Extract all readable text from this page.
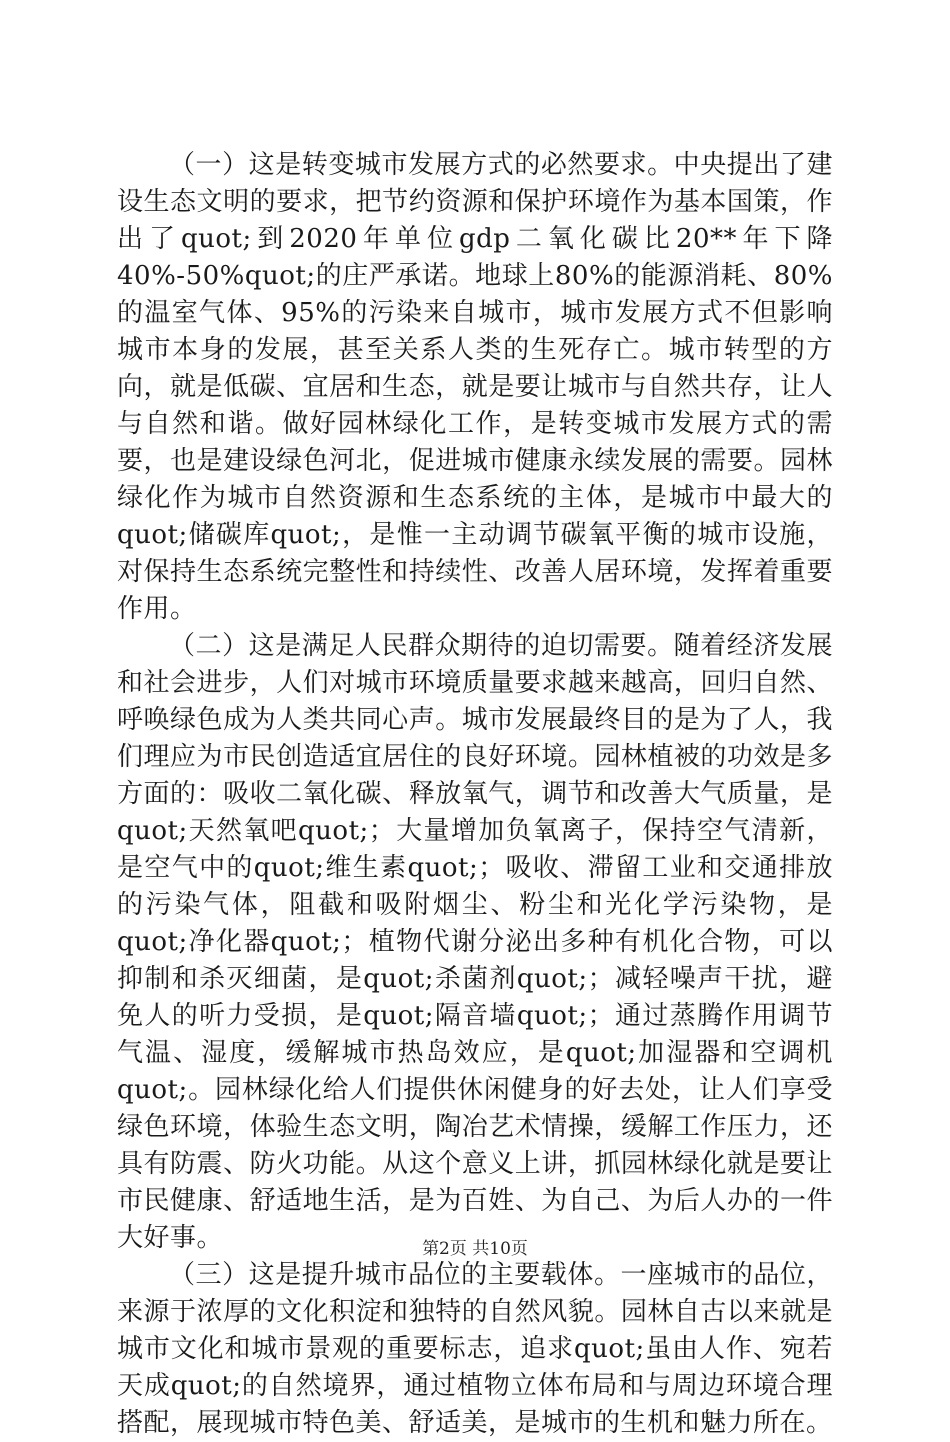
（一）这是转变城市发展方式的必然要求。中央提出了建设生态文明的要求，把节约资源和保护环境作为基本国策，作出了quot;到2020年单位gdp二氧化碳比20**年下降40%-50%quot;的庄严承诺。地球上80%的能源消耗、80%的温室气体、95%的污染来自城市，城市发展方式不但影响城市本身的发展，甚至关系人类的生死存亡。城市转型的方向，就是低碳、宜居和生态，就是要让城市与自然共存，让人与自然和谐。做好园林绿化工作，是转变城市发展方式的需要，也是建设绿色河北，促进城市健康永续发展的需要。园林绿化作为城市自然资源和生态系统的主体，是城市中最大的quot;储碳库quot;，是惟一主动调节碳氧平衡的城市设施，对保持生态系统完整性和持续性、改善人居环境，发挥着重要作用。

（二）这是满足人民群众期待的迫切需要。随着经济发展和社会进步，人们对城市环境质量要求越来越高，回归自然、呼唤绿色成为人类共同心声。城市发展最终目的是为了人，我们理应为市民创造适宜居住的良好环境。园林植被的功效是多方面的：吸收二氧化碳、释放氧气，调节和改善大气质量，是quot;天然氧吧quot;；大量增加负氧离子，保持空气清新，是空气中的quot;维生素quot;；吸收、滞留工业和交通排放的污染气体，阻截和吸附烟尘、粉尘和光化学污染物，是quot;净化器quot;；植物代谢分泌出多种有机化合物，可以抑制和杀灭细菌，是quot;杀菌剂quot;；减轻噪声干扰，避免人的听力受损，是quot;隔音墙quot;；通过蒸腾作用调节气温、湿度，缓解城市热岛效应，是quot;加湿器和空调机quot;。园林绿化给人们提供休闲健身的好去处，让人们享受绿色环境，体验生态文明，陶冶艺术情操，缓解工作压力，还具有防震、防火功能。从这个意义上讲，抓园林绿化就是要让市民健康、舒适地生活，是为百姓、为自己、为后人办的一件大好事。

（三）这是提升城市品位的主要载体。一座城市的品位，来源于浓厚的文化积淀和独特的自然风貌。园林自古以来就是城市文化和城市景观的重要标志，追求quot;虽由人作、宛若天成quot;的自然境界，通过植物立体布局和与周边环境合理搭配，展现城市特色美、舒适美，是城市的生机和魅力所在。

第2页 共10页
